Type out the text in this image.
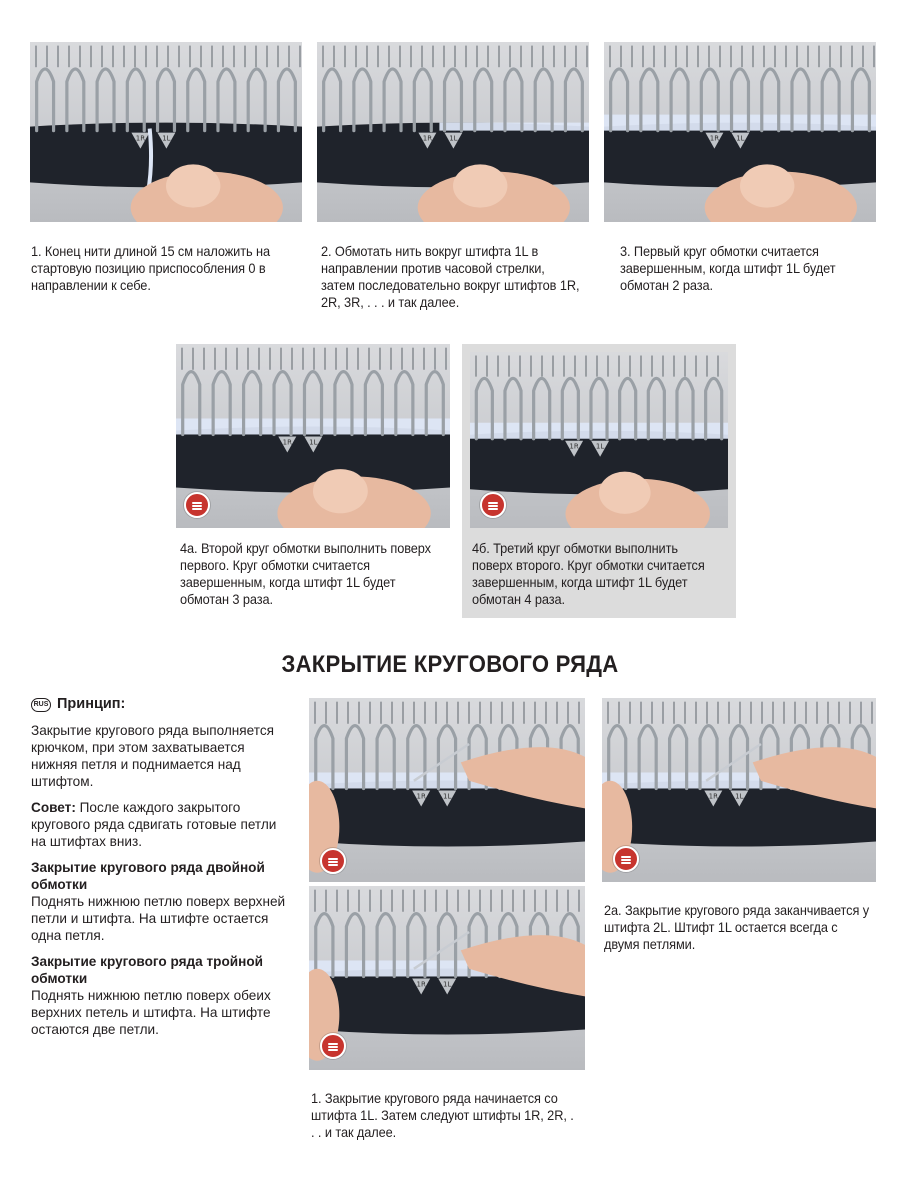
1R 1L	1R 1L	1R 1L
1R 1L
1R 1L
1R 1L	1R 1L
1R 1L
1. Конец нити длиной 15 см наложить на стартовую позицию приспособления 0 в направлении к себе.
2. Обмотать нить вокруг штифта 1L в направлении против часовой стрелки, затем последовательно вокруг штифтов 1R, 2R, 3R, . . . и так далее.
3. Первый круг обмотки считается завершенным, когда штифт 1L будет обмотан 2 раза.
4а. Второй круг обмотки выполнить поверх первого. Круг обмотки считается завершенным, когда штифт 1L будет обмотан 3 раза.
4б. Третий круг обмотки выполнить поверх второго. Круг обмотки считается завершенным, когда штифт 1L будет обмотан 4 раза.
ЗАКРЫТИЕ КРУГОВОГО РЯДА
RUS Принцип:

Закрытие кругового ряда выполняется крючком, при этом захватывается нижняя петля и поднимается над штифтом.

Совет: После каждого закрытого кругового ряда сдвигать готовые петли на штифтах вниз.

Закрытие кругового ряда двойной обмотки
Поднять нижнюю петлю поверх верхней петли и штифта. На штифте остается одна петля.

Закрытие кругового ряда тройной обмотки
Поднять нижнюю петлю поверх обеих верхних петель и штифта. На штифте остаются две петли.

2а. Закрытие кругового ряда заканчивается у штифта 2L. Штифт 1L остается всегда с двумя петлями.
1. Закрытие кругового ряда начинается со штифта 1L. Затем следуют штифты 1R, 2R, . . . и так далее.
